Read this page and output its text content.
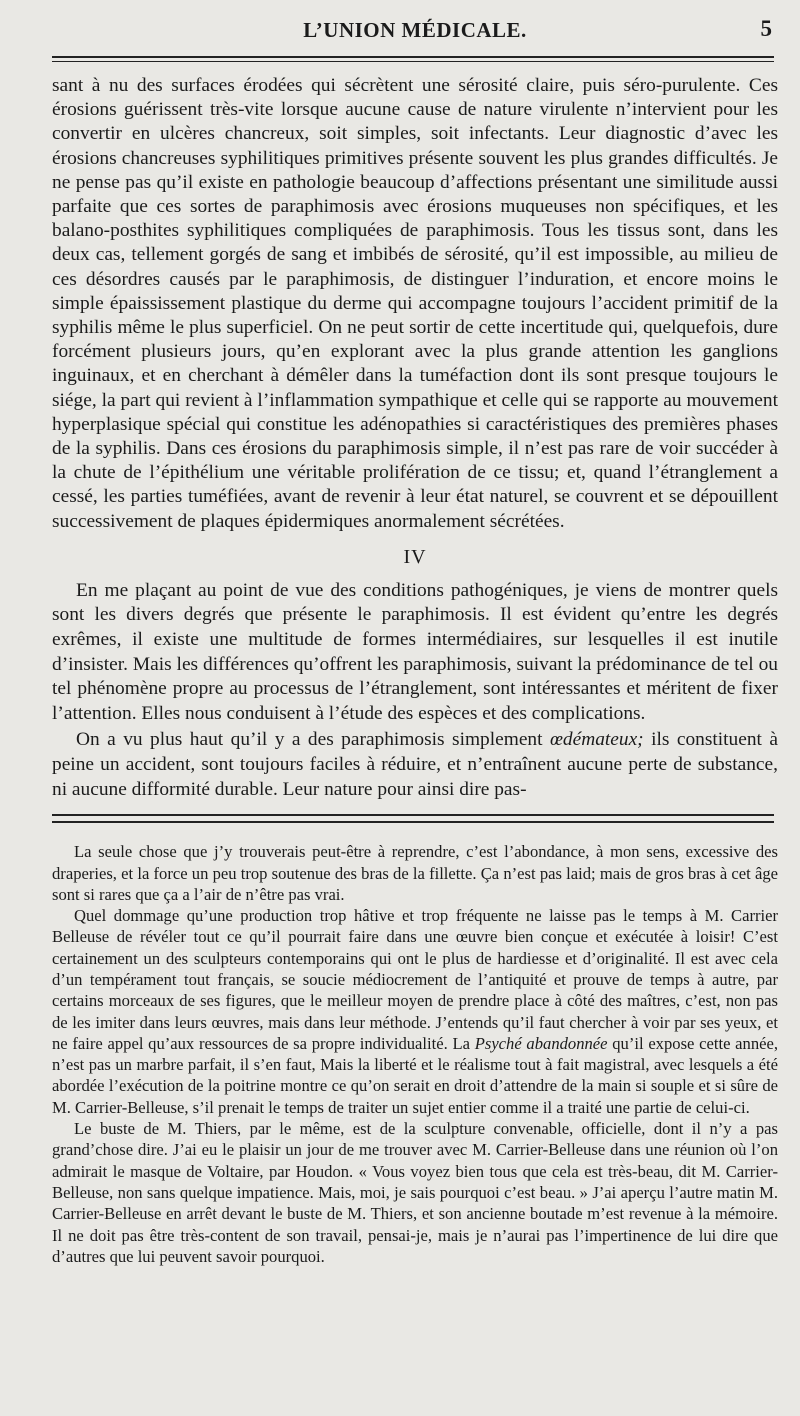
L’UNION MÉDICALE.	5

sant à nu des surfaces érodées qui sécrètent une sérosité claire, puis séro-purulente. Ces érosions guérissent très-vite lorsque aucune cause de nature virulente n’intervient pour les convertir en ulcères chancreux, soit simples, soit infectants. Leur diagnostic d’avec les érosions chancreuses syphilitiques primitives présente souvent les plus grandes difficultés. Je ne pense pas qu’il existe en pathologie beaucoup d’affections présentant une similitude aussi parfaite que ces sortes de paraphimosis avec érosions muqueuses non spécifiques, et les balano-posthites syphilitiques compliquées de paraphimosis. Tous les tissus sont, dans les deux cas, tellement gorgés de sang et imbibés de sérosité, qu’il est impossible, au milieu de ces désordres causés par le paraphimosis, de distinguer l’induration, et encore moins le simple épaississement plastique du derme qui accompagne toujours l’accident primitif de la syphilis même le plus superficiel. On ne peut sortir de cette incertitude qui, quelquefois, dure forcément plusieurs jours, qu’en explorant avec la plus grande attention les ganglions inguinaux, et en cherchant à démêler dans la tuméfaction dont ils sont presque toujours le siége, la part qui revient à l’inflammation sympathique et celle qui se rapporte au mouvement hyperplasique spécial qui constitue les adénopathies si caractéristiques des premières phases de la syphilis. Dans ces érosions du paraphimosis simple, il n’est pas rare de voir succéder à la chute de l’épithélium une véritable prolifération de ce tissu; et, quand l’étranglement a cessé, les parties tuméfiées, avant de revenir à leur état naturel, se couvrent et se dépouillent successivement de plaques épidermiques anormalement sécrétées.

IV

En me plaçant au point de vue des conditions pathogéniques, je viens de montrer quels sont les divers degrés que présente le paraphimosis. Il est évident qu’entre les degrés exrêmes, il existe une multitude de formes intermédiaires, sur lesquelles il est inutile d’insister. Mais les différences qu’offrent les paraphimosis, suivant la prédominance de tel ou tel phénomène propre au processus de l’étranglement, sont intéressantes et méritent de fixer l’attention. Elles nous conduisent à l’étude des espèces et des complications.

On a vu plus haut qu’il y a des paraphimosis simplement œdémateux; ils constituent à peine un accident, sont toujours faciles à réduire, et n’entraînent aucune perte de substance, ni aucune difformité durable. Leur nature pour ainsi dire pas-

La seule chose que j’y trouverais peut-être à reprendre, c’est l’abondance, à mon sens, excessive des draperies, et la force un peu trop soutenue des bras de la fillette. Ça n’est pas laid; mais de gros bras à cet âge sont si rares que ça a l’air de n’être pas vrai.

Quel dommage qu’une production trop hâtive et trop fréquente ne laisse pas le temps à M. Carrier Belleuse de révéler tout ce qu’il pourrait faire dans une œuvre bien conçue et exécutée à loisir! C’est certainement un des sculpteurs contemporains qui ont le plus de hardiesse et d’originalité. Il est avec cela d’un tempérament tout français, se soucie médiocrement de l’antiquité et prouve de temps à autre, par certains morceaux de ses figures, que le meilleur moyen de prendre place à côté des maîtres, c’est, non pas de les imiter dans leurs œuvres, mais dans leur méthode. J’entends qu’il faut chercher à voir par ses yeux, et ne faire appel qu’aux ressources de sa propre individualité. La Psyché abandonnée qu’il expose cette année, n’est pas un marbre parfait, il s’en faut, Mais la liberté et le réalisme tout à fait magistral, avec lesquels a été abordée l’exécution de la poitrine montre ce qu’on serait en droit d’attendre de la main si souple et si sûre de M. Carrier-Belleuse, s’il prenait le temps de traiter un sujet entier comme il a traité une partie de celui-ci.

Le buste de M. Thiers, par le même, est de la sculpture convenable, officielle, dont il n’y a pas grand’chose dire. J’ai eu le plaisir un jour de me trouver avec M. Carrier-Belleuse dans une réunion où l’on admirait le masque de Voltaire, par Houdon. « Vous voyez bien tous que cela est très-beau, dit M. Carrier-Belleuse, non sans quelque impatience. Mais, moi, je sais pourquoi c’est beau. » J’ai aperçu l’autre matin M. Carrier-Belleuse en arrêt devant le buste de M. Thiers, et son ancienne boutade m’est revenue à la mémoire. Il ne doit pas être très-content de son travail, pensai-je, mais je n’aurai pas l’impertinence de lui dire que d’autres que lui peuvent savoir pourquoi.
